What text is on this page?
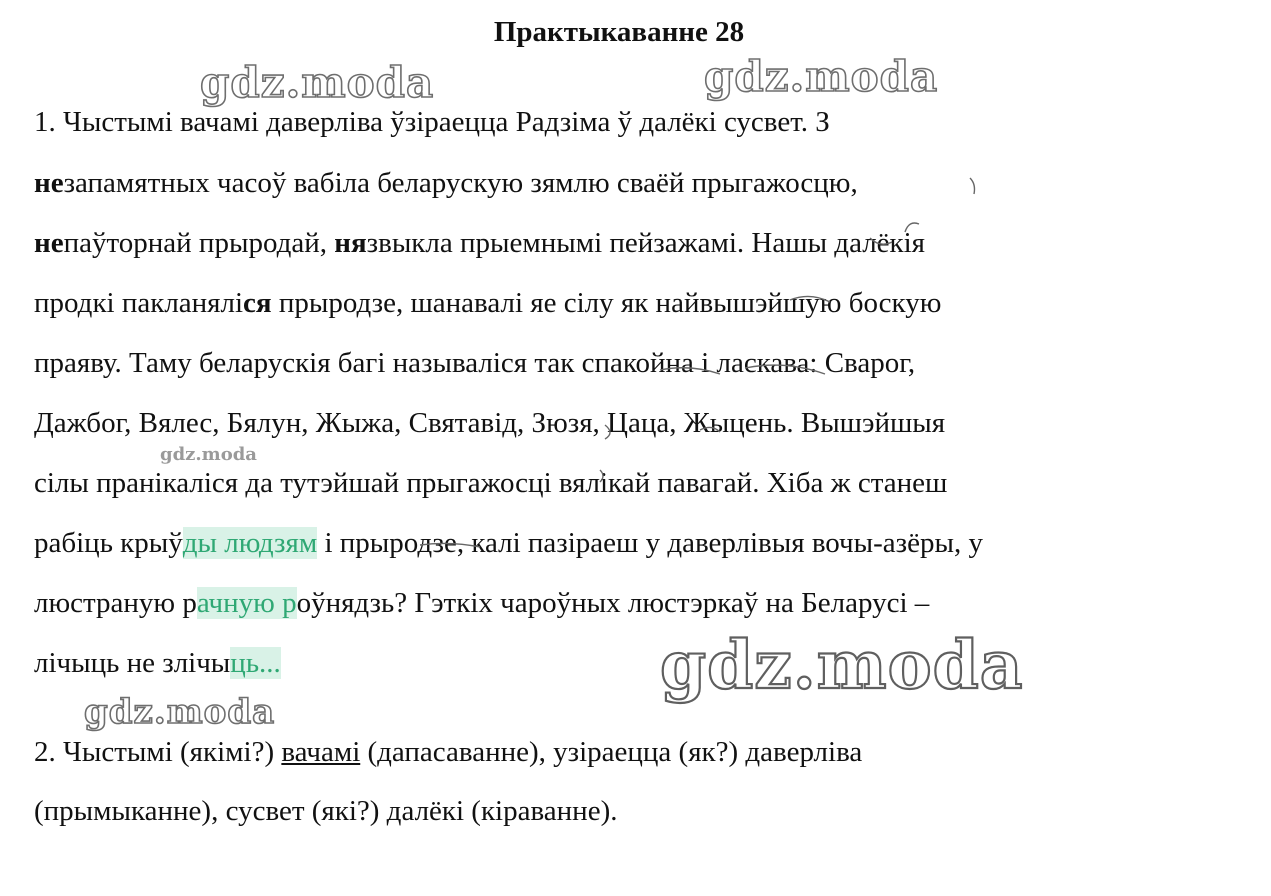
Практыкаванне 28
gdz.moda	gdz.moda
gdz.moda
gdz.moda
gdz.moda
1. Чыстымі вачамі даверліва ўзіраецца Радзіма ў далёкі сусвет. З
незапамятных часоў вабіла беларускую зямлю сваёй прыгажосцю,
непаўторнай прыродай, нязвыкла прыемнымі пейзажамі. Нашы далёкія
продкі пакланяліся прыродзе, шанавалі яе сілу як найвышэйшую боскую
праяву. Таму беларускія багі называліся так спакойна і ласкава: Сварог,
Дажбог, Вялес, Бялун, Жыжа, Святавід, Зюзя, Цаца, Жыцень. Вышэйшыя
сілы пранікаліся да тутэйшай прыгажосці вялікай павагай. Хіба ж станеш
рабіць крыўды людзям і прыродзе, калі пазіраеш у даверлівыя вочы-азёры, у
люстраную рачную роўнядзь? Гэткіх чароўных люстэркаў на Беларусі –
лічыць не злічыць...
2. Чыстымі (якімі?) вачамі (дапасаванне), узіраецца (як?) даверліва
(прымыканне), сусвет (які?) далёкі (кіраванне).
